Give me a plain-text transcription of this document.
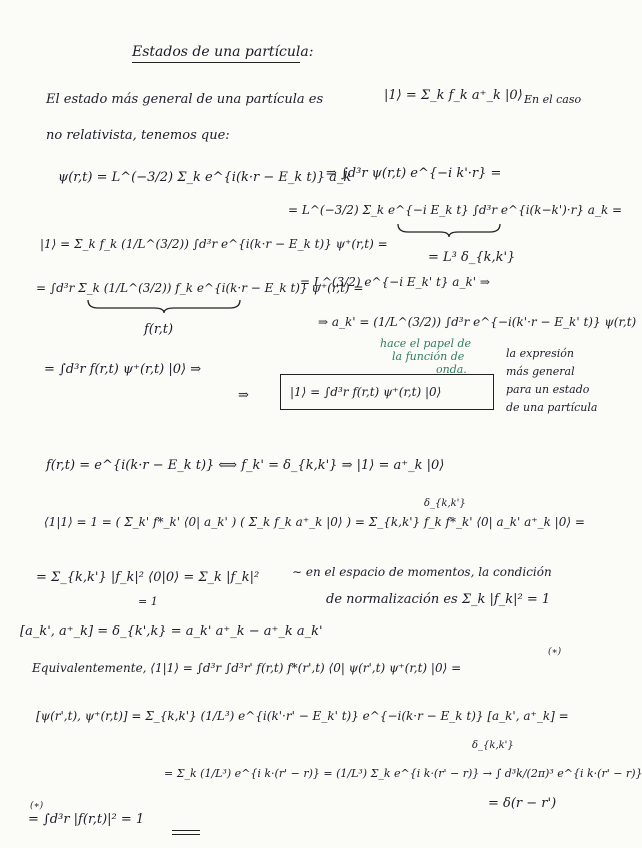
Estados de una partícula:
El estado más general de una partícula es	|1⟩ = Σ_k f_k a⁺_k |0⟩ En el caso
no relativista, tenemos que:
ψ(r,t) = L^(−3/2) Σ_k e^{i(k·r − E_k t)} a_k
⇒ ∫d³r ψ(r,t) e^{−i k'·r} =
= L^(−3/2) Σ_k e^{−i E_k t} ∫d³r e^{i(k−k')·r} a_k =
|1⟩ = Σ_k f_k (1/L^(3/2)) ∫d³r e^{i(k·r − E_k t)} ψ⁺(r,t) =
= L³ δ_{k,k'}
= ∫d³r Σ_k (1/L^(3/2)) f_k e^{i(k·r − E_k t)} ψ⁺(r,t) =
= L^(3/2) e^{−i E_k' t} a_k' ⇒
f(r,t)	⇒ a_k' = (1/L^(3/2)) ∫d³r e^{−i(k'·r − E_k' t)} ψ(r,t)
= ∫d³r f(r,t) ψ⁺(r,t) |0⟩ ⇒
hace el papel de
la función de
onda.
⇒	|1⟩ = ∫d³r f(r,t) ψ⁺(r,t) |0⟩
la expresión
más general
para un estado
de una partícula
f(r,t) = e^{i(k·r − E_k t)} ⟺ f_k' = δ_{k,k'} ⇒ |1⟩ = a⁺_k |0⟩
δ_{k,k'}
⟨1|1⟩ = 1 = ( Σ_k' f*_k' ⟨0| a_k' ) ( Σ_k f_k a⁺_k |0⟩ ) = Σ_{k,k'} f_k f*_k' ⟨0| a_k' a⁺_k |0⟩ =
= Σ_{k,k'} |f_k|² ⟨0|0⟩ = Σ_k |f_k|²
= 1
∼ en el espacio de momentos, la condición
de normalización es Σ_k |f_k|² = 1
[a_k', a⁺_k] = δ_{k',k} = a_k' a⁺_k − a⁺_k a_k'
(∗)
Equivalentemente, ⟨1|1⟩ = ∫d³r ∫d³r' f(r,t) f*(r',t) ⟨0| ψ(r',t) ψ⁺(r,t) |0⟩ =
[ψ(r',t), ψ⁺(r,t)] = Σ_{k,k'} (1/L³) e^{i(k'·r' − E_k' t)} e^{−i(k·r − E_k t)} [a_k', a⁺_k] =
δ_{k,k'}
= Σ_k (1/L³) e^{i k·(r' − r)} = (1/L³) Σ_k e^{i k·(r' − r)} → ∫ d³k/(2π)³ e^{i k·(r' − r)}
= δ(r − r')
(∗)
= ∫d³r |f(r,t)|² = 1
